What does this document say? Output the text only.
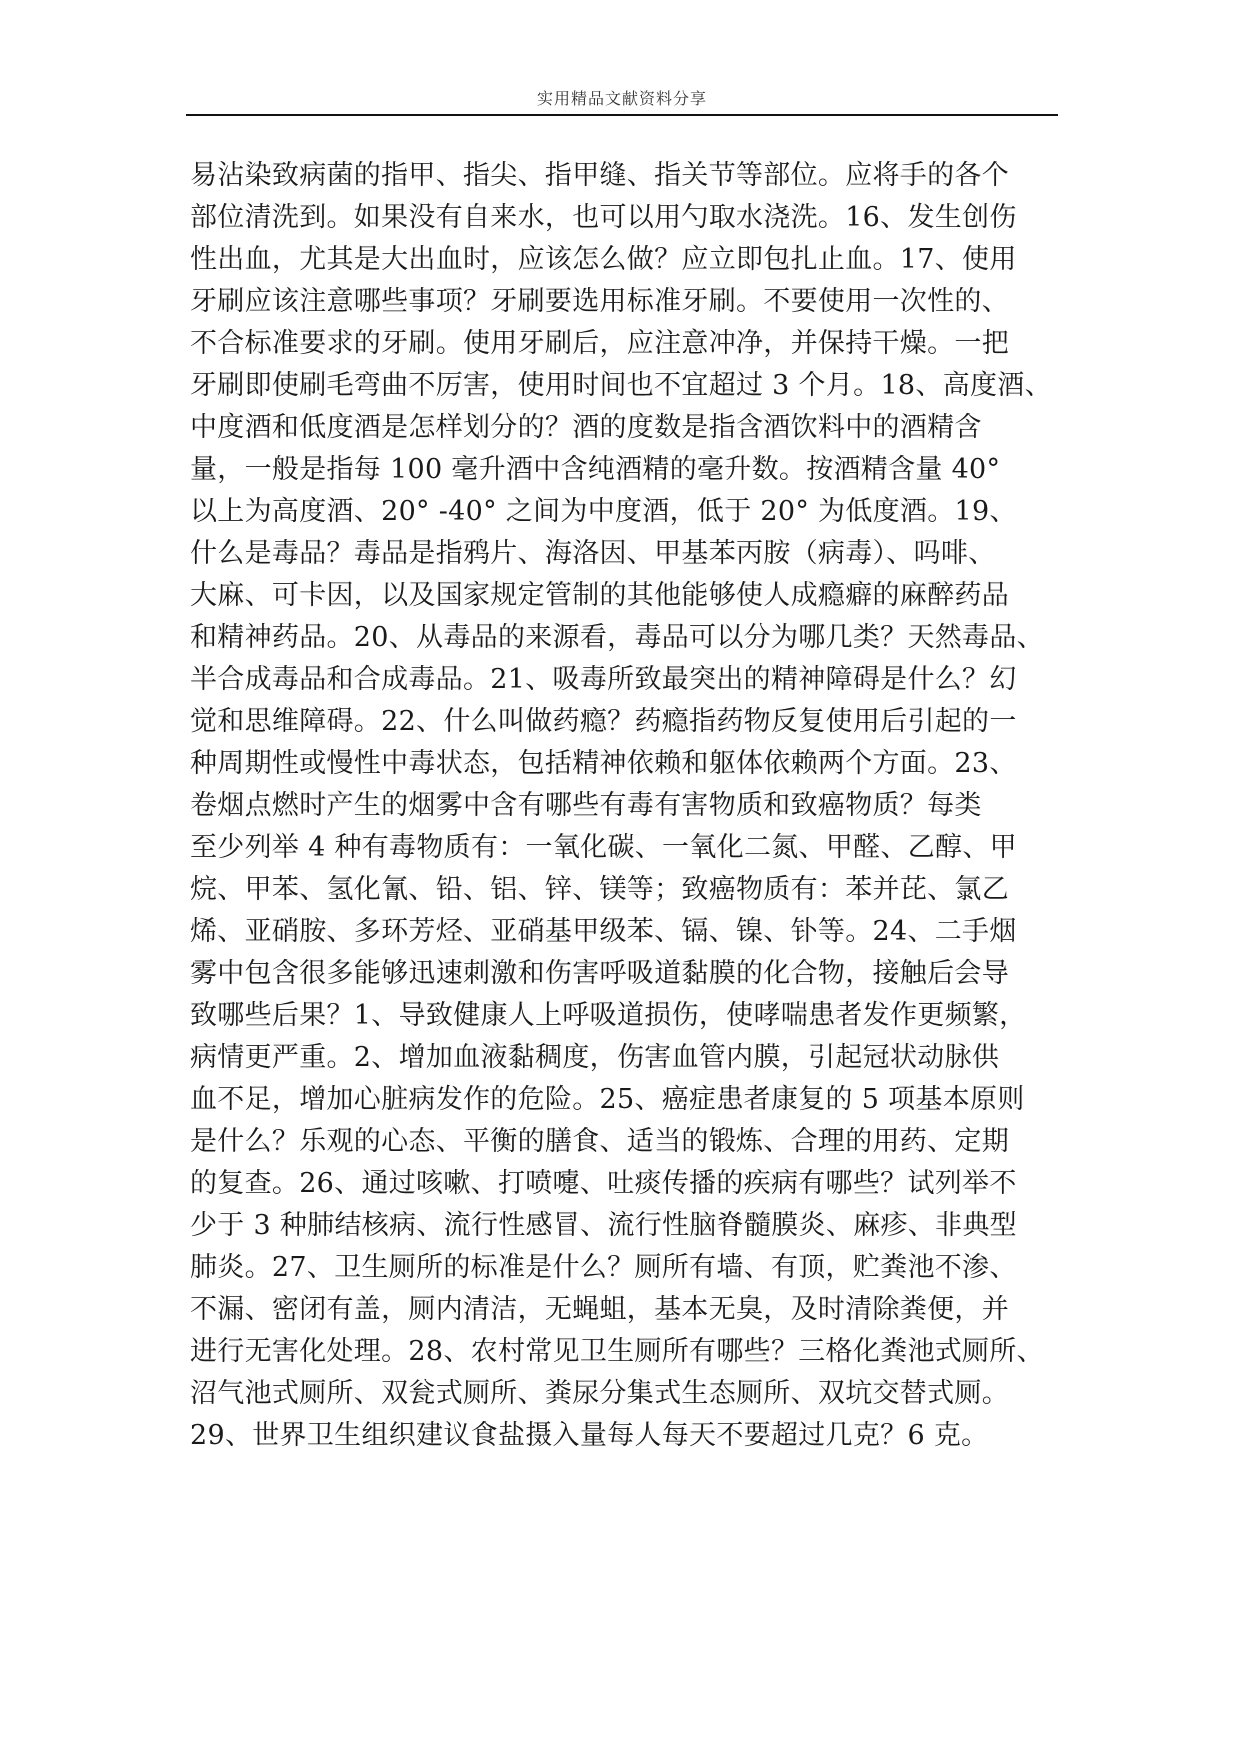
实用精品文献资料分享
易沾染致病菌的指甲、指尖、指甲缝、指关节等部位。应将手的各个
部位清洗到。如果没有自来水，也可以用勺取水浇洗。16、发生创伤
性出血，尤其是大出血时，应该怎么做？应立即包扎止血。17、使用
牙刷应该注意哪些事项？牙刷要选用标准牙刷。不要使用一次性的、
不合标准要求的牙刷。使用牙刷后，应注意冲净，并保持干燥。一把
牙刷即使刷毛弯曲不厉害，使用时间也不宜超过 3 个月。18、高度酒、
中度酒和低度酒是怎样划分的？酒的度数是指含酒饮料中的酒精含
量，一般是指每 100 毫升酒中含纯酒精的毫升数。按酒精含量 40°
以上为高度酒、20° -40° 之间为中度酒，低于 20° 为低度酒。19、
什么是毒品？毒品是指鸦片、海洛因、甲基苯丙胺（病毒）、吗啡、
大麻、可卡因，以及国家规定管制的其他能够使人成瘾癖的麻醉药品
和精神药品。20、从毒品的来源看，毒品可以分为哪几类？天然毒品、
半合成毒品和合成毒品。21、吸毒所致最突出的精神障碍是什么？幻
觉和思维障碍。22、什么叫做药瘾？药瘾指药物反复使用后引起的一
种周期性或慢性中毒状态，包括精神依赖和躯体依赖两个方面。23、
卷烟点燃时产生的烟雾中含有哪些有毒有害物质和致癌物质？每类
至少列举 4 种有毒物质有：一氧化碳、一氧化二氮、甲醛、乙醇、甲
烷、甲苯、氢化氰、铅、铝、锌、镁等；致癌物质有：苯并芘、氯乙
烯、亚硝胺、多环芳烃、亚硝基甲级苯、镉、镍、钋等。24、二手烟
雾中包含很多能够迅速刺激和伤害呼吸道黏膜的化合物，接触后会导
致哪些后果？1、导致健康人上呼吸道损伤，使哮喘患者发作更频繁，
病情更严重。2、增加血液黏稠度，伤害血管内膜，引起冠状动脉供
血不足，增加心脏病发作的危险。25、癌症患者康复的 5 项基本原则
是什么？乐观的心态、平衡的膳食、适当的锻炼、合理的用药、定期
的复查。26、通过咳嗽、打喷嚏、吐痰传播的疾病有哪些？试列举不
少于 3 种肺结核病、流行性感冒、流行性脑脊髓膜炎、麻疹、非典型
肺炎。27、卫生厕所的标准是什么？厕所有墙、有顶，贮粪池不渗、
不漏、密闭有盖，厕内清洁，无蝇蛆，基本无臭，及时清除粪便，并
进行无害化处理。28、农村常见卫生厕所有哪些？三格化粪池式厕所、
沼气池式厕所、双瓮式厕所、粪尿分集式生态厕所、双坑交替式厕。
29、世界卫生组织建议食盐摄入量每人每天不要超过几克？6 克。
